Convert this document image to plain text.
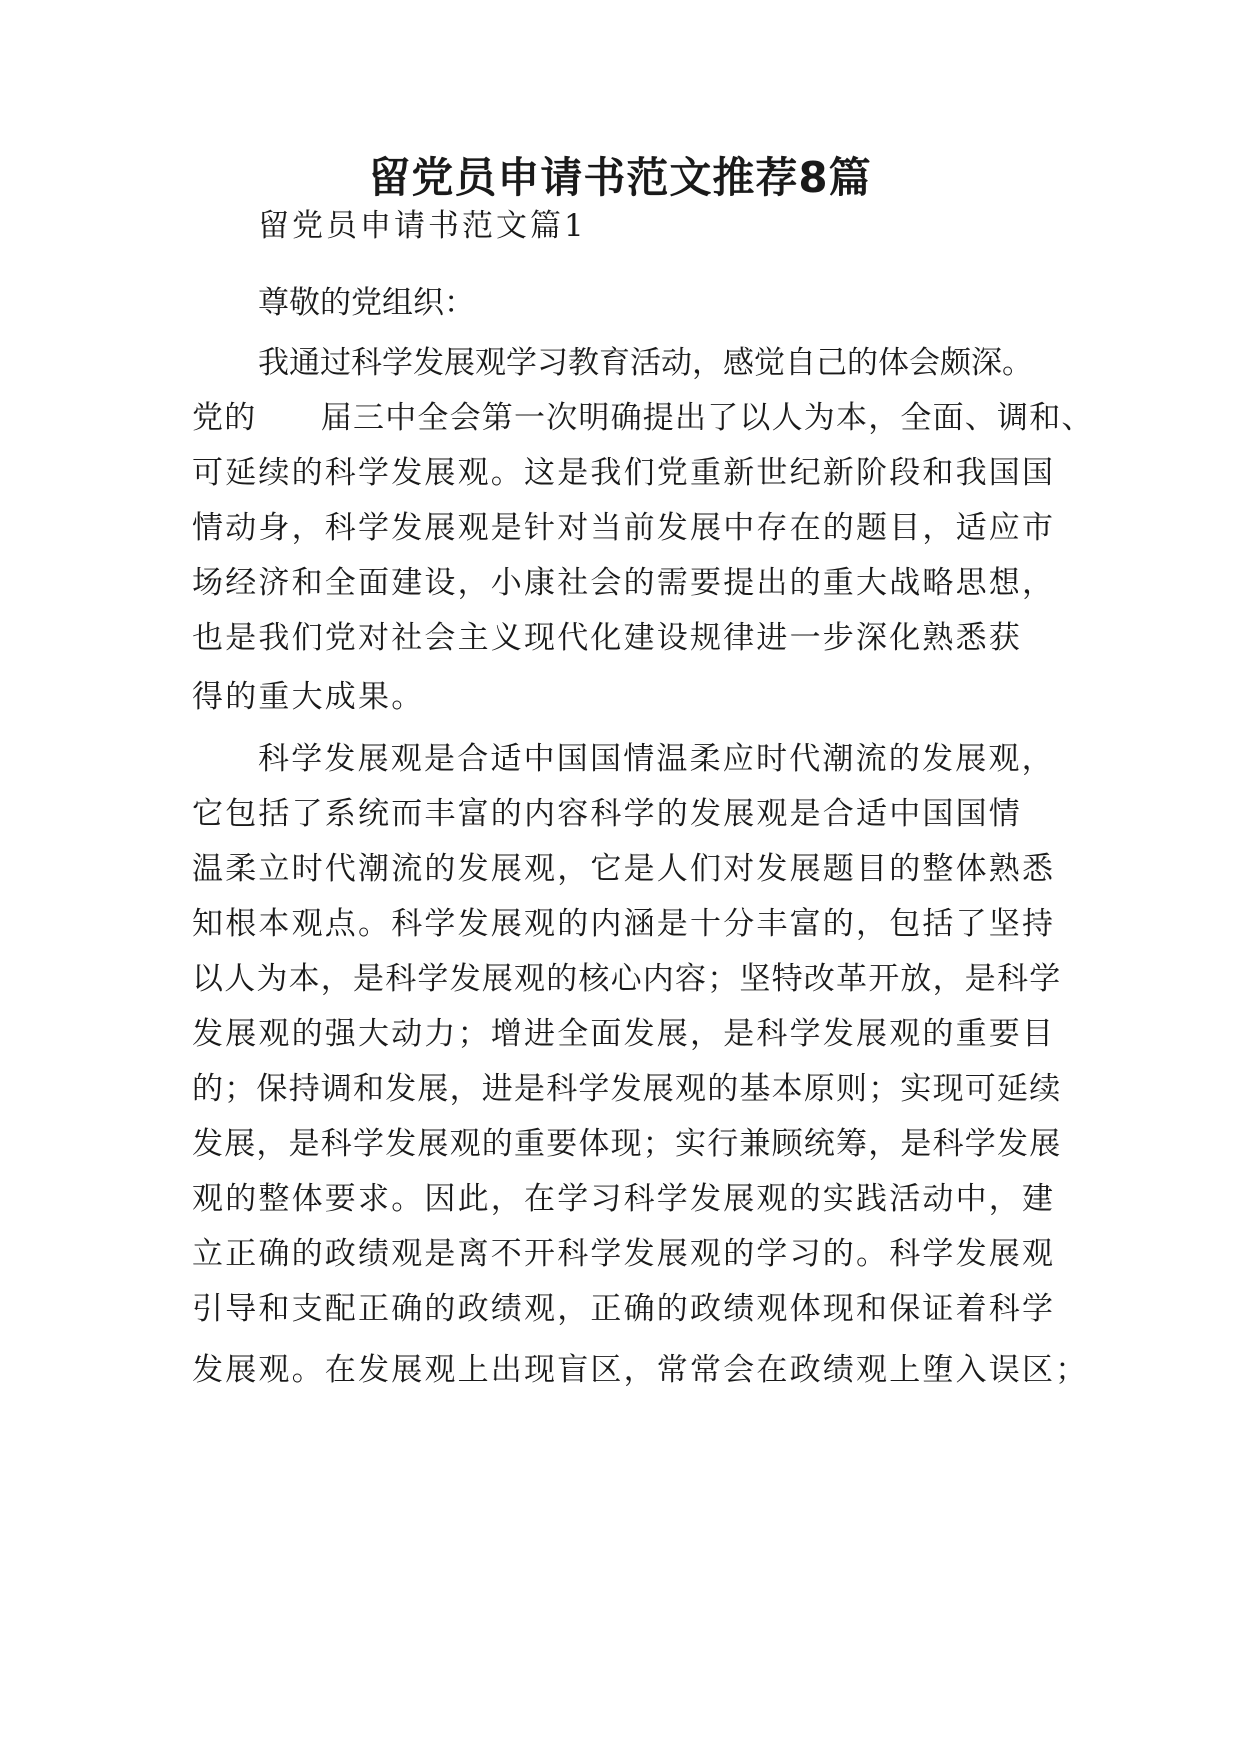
留党员申请书范文推荐8篇

留党员申请书范文篇1

尊敬的党组织：

我通过科学发展观学习教育活动，感觉自己的体会颇深。

党的　　届三中全会第一次明确提出了以人为本，全面、调和、

可延续的科学发展观。这是我们党重新世纪新阶段和我国国

情动身，科学发展观是针对当前发展中存在的题目，适应市

场经济和全面建设，小康社会的需要提出的重大战略思想，

也是我们党对社会主义现代化建设规律进一步深化熟悉获

得的重大成果。

科学发展观是合适中国国情温柔应时代潮流的发展观，

它包括了系统而丰富的内容科学的发展观是合适中国国情

温柔立时代潮流的发展观，它是人们对发展题目的整体熟悉

知根本观点。科学发展观的内涵是十分丰富的，包括了坚持

以人为本，是科学发展观的核心内容；坚特改革开放，是科学

发展观的强大动力；增进全面发展，是科学发展观的重要目

的；保持调和发展，进是科学发展观的基本原则；实现可延续

发展，是科学发展观的重要体现；实行兼顾统筹，是科学发展

观的整体要求。因此，在学习科学发展观的实践活动中，建

立正确的政绩观是离不开科学发展观的学习的。科学发展观

引导和支配正确的政绩观，正确的政绩观体现和保证着科学

发展观。在发展观上出现盲区，常常会在政绩观上堕入误区；
